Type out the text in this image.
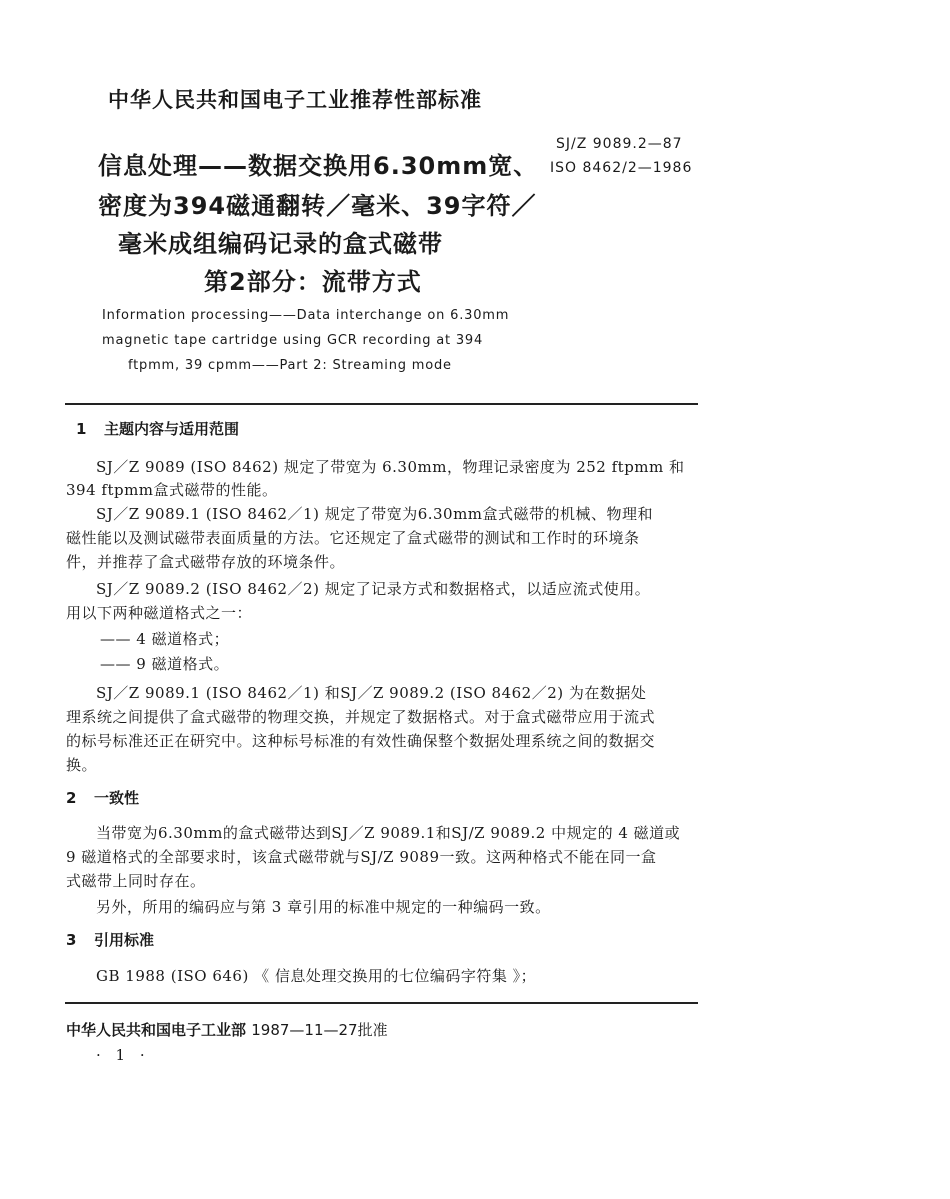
中华人民共和国电子工业推荐性部标准
信息处理——数据交换用6.30mm宽、
密度为394磁通翻转／毫米、39字符／
毫米成组编码记录的盒式磁带
第2部分：流带方式
SJ/Z 9089.2—87
ISO 8462/2—1986
Information processing——Data interchange on 6.30mm
magnetic tape cartridge using GCR recording at 394
ftpmm, 39 cpmm——Part 2: Streaming mode
1 主题内容与适用范围
SJ／Z 9089 (ISO 8462) 规定了带宽为 6.30mm，物理记录密度为 252 ftpmm 和
394 ftpmm盒式磁带的性能。
SJ／Z 9089.1 (ISO 8462／1) 规定了带宽为6.30mm盒式磁带的机械、物理和
磁性能以及测试磁带表面质量的方法。它还规定了盒式磁带的测试和工作时的环境条
件，并推荐了盒式磁带存放的环境条件。
SJ／Z 9089.2 (ISO 8462／2) 规定了记录方式和数据格式，以适应流式使用。
用以下两种磁道格式之一：
—— 4 磁道格式；
—— 9 磁道格式。
SJ／Z 9089.1 (ISO 8462／1) 和SJ／Z 9089.2 (ISO 8462／2) 为在数据处
理系统之间提供了盒式磁带的物理交换，并规定了数据格式。对于盒式磁带应用于流式
的标号标准还正在研究中。这种标号标准的有效性确保整个数据处理系统之间的数据交
换。
2 一致性
当带宽为6.30mm的盒式磁带达到SJ／Z 9089.1和SJ/Z 9089.2 中规定的 4 磁道或
9 磁道格式的全部要求时，该盒式磁带就与SJ/Z 9089一致。这两种格式不能在同一盒
式磁带上同时存在。
另外，所用的编码应与第 3 章引用的标准中规定的一种编码一致。
3 引用标准
GB 1988 (ISO 646) 《 信息处理交换用的七位编码字符集 》；
中华人民共和国电子工业部 1987—11—27批准
· 1 ·
